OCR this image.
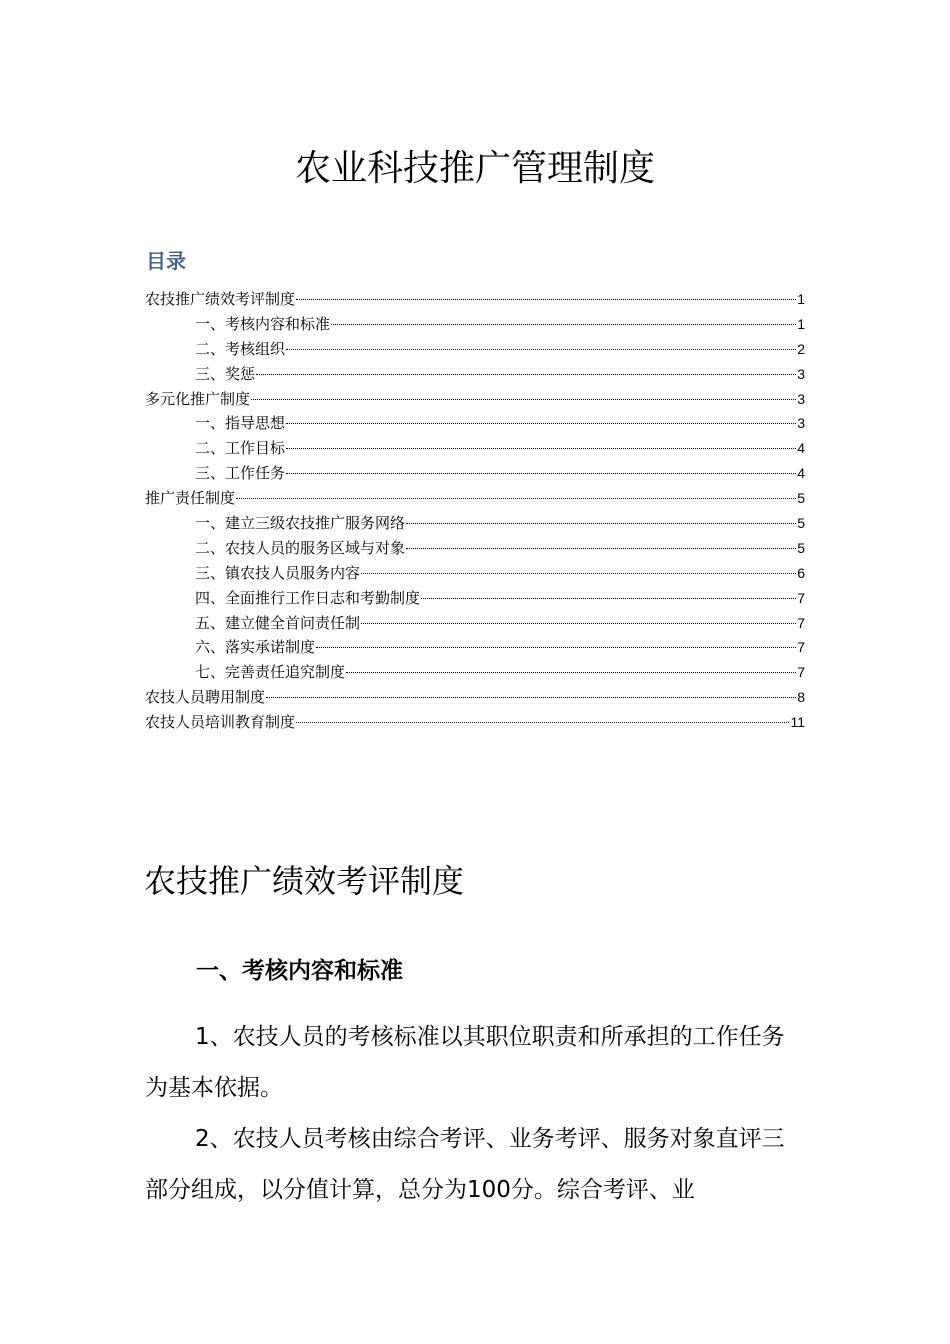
农业科技推广管理制度
目录
农技推广绩效考评制度	1
一、考核内容和标准	1
二、考核组织	2
三、奖惩	3
多元化推广制度	3
一、指导思想	3
二、工作目标	4
三、工作任务	4
推广责任制度	5
一、建立三级农技推广服务网络	5
二、农技人员的服务区域与对象	5
三、镇农技人员服务内容	6
四、全面推行工作日志和考勤制度	7
五、建立健全首问责任制	7
六、落实承诺制度	7
七、完善责任追究制度	7
农技人员聘用制度	8
农技人员培训教育制度	11
农技推广绩效考评制度
一、考核内容和标准

1、农技人员的考核标准以其职位职责和所承担的工作任务为基本依据。

2、农技人员考核由综合考评、业务考评、服务对象直评三部分组成，以分值计算，总分为100分。综合考评、业
